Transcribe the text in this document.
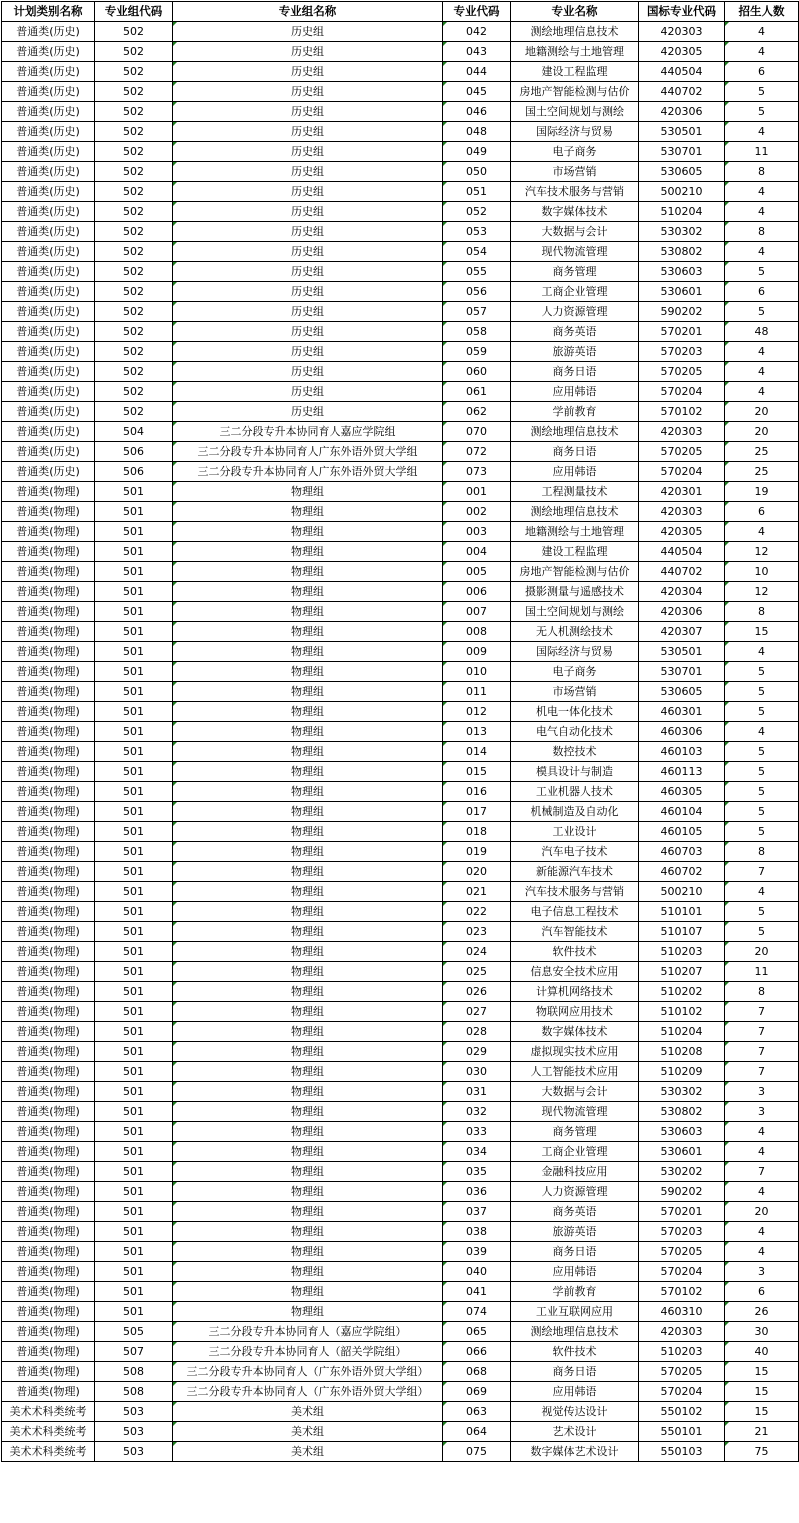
计划类别名称	专业组代码	专业组名称	专业代码	专业名称	国标专业代码	招生人数
普通类(历史)	502	历史组	042	测绘地理信息技术	420303	4
普通类(历史)	502	历史组	043	地籍测绘与土地管理	420305	4
普通类(历史)	502	历史组	044	建设工程监理	440504	6
普通类(历史)	502	历史组	045	房地产智能检测与估价	440702	5
普通类(历史)	502	历史组	046	国土空间规划与测绘	420306	5
普通类(历史)	502	历史组	048	国际经济与贸易	530501	4
普通类(历史)	502	历史组	049	电子商务	530701	11
普通类(历史)	502	历史组	050	市场营销	530605	8
普通类(历史)	502	历史组	051	汽车技术服务与营销	500210	4
普通类(历史)	502	历史组	052	数字媒体技术	510204	4
普通类(历史)	502	历史组	053	大数据与会计	530302	8
普通类(历史)	502	历史组	054	现代物流管理	530802	4
普通类(历史)	502	历史组	055	商务管理	530603	5
普通类(历史)	502	历史组	056	工商企业管理	530601	6
普通类(历史)	502	历史组	057	人力资源管理	590202	5
普通类(历史)	502	历史组	058	商务英语	570201	48
普通类(历史)	502	历史组	059	旅游英语	570203	4
普通类(历史)	502	历史组	060	商务日语	570205	4
普通类(历史)	502	历史组	061	应用韩语	570204	4
普通类(历史)	502	历史组	062	学前教育	570102	20
普通类(历史)	504	三二分段专升本协同育人嘉应学院组	070	测绘地理信息技术	420303	20
普通类(历史)	506	三二分段专升本协同育人广东外语外贸大学组	072	商务日语	570205	25
普通类(历史)	506	三二分段专升本协同育人广东外语外贸大学组	073	应用韩语	570204	25
普通类(物理)	501	物理组	001	工程测量技术	420301	19
普通类(物理)	501	物理组	002	测绘地理信息技术	420303	6
普通类(物理)	501	物理组	003	地籍测绘与土地管理	420305	4
普通类(物理)	501	物理组	004	建设工程监理	440504	12
普通类(物理)	501	物理组	005	房地产智能检测与估价	440702	10
普通类(物理)	501	物理组	006	摄影测量与遥感技术	420304	12
普通类(物理)	501	物理组	007	国土空间规划与测绘	420306	8
普通类(物理)	501	物理组	008	无人机测绘技术	420307	15
普通类(物理)	501	物理组	009	国际经济与贸易	530501	4
普通类(物理)	501	物理组	010	电子商务	530701	5
普通类(物理)	501	物理组	011	市场营销	530605	5
普通类(物理)	501	物理组	012	机电一体化技术	460301	5
普通类(物理)	501	物理组	013	电气自动化技术	460306	4
普通类(物理)	501	物理组	014	数控技术	460103	5
普通类(物理)	501	物理组	015	模具设计与制造	460113	5
普通类(物理)	501	物理组	016	工业机器人技术	460305	5
普通类(物理)	501	物理组	017	机械制造及自动化	460104	5
普通类(物理)	501	物理组	018	工业设计	460105	5
普通类(物理)	501	物理组	019	汽车电子技术	460703	8
普通类(物理)	501	物理组	020	新能源汽车技术	460702	7
普通类(物理)	501	物理组	021	汽车技术服务与营销	500210	4
普通类(物理)	501	物理组	022	电子信息工程技术	510101	5
普通类(物理)	501	物理组	023	汽车智能技术	510107	5
普通类(物理)	501	物理组	024	软件技术	510203	20
普通类(物理)	501	物理组	025	信息安全技术应用	510207	11
普通类(物理)	501	物理组	026	计算机网络技术	510202	8
普通类(物理)	501	物理组	027	物联网应用技术	510102	7
普通类(物理)	501	物理组	028	数字媒体技术	510204	7
普通类(物理)	501	物理组	029	虚拟现实技术应用	510208	7
普通类(物理)	501	物理组	030	人工智能技术应用	510209	7
普通类(物理)	501	物理组	031	大数据与会计	530302	3
普通类(物理)	501	物理组	032	现代物流管理	530802	3
普通类(物理)	501	物理组	033	商务管理	530603	4
普通类(物理)	501	物理组	034	工商企业管理	530601	4
普通类(物理)	501	物理组	035	金融科技应用	530202	7
普通类(物理)	501	物理组	036	人力资源管理	590202	4
普通类(物理)	501	物理组	037	商务英语	570201	20
普通类(物理)	501	物理组	038	旅游英语	570203	4
普通类(物理)	501	物理组	039	商务日语	570205	4
普通类(物理)	501	物理组	040	应用韩语	570204	3
普通类(物理)	501	物理组	041	学前教育	570102	6
普通类(物理)	501	物理组	074	工业互联网应用	460310	26
普通类(物理)	505	三二分段专升本协同育人（嘉应学院组）	065	测绘地理信息技术	420303	30
普通类(物理)	507	三二分段专升本协同育人（韶关学院组）	066	软件技术	510203	40
普通类(物理)	508	三二分段专升本协同育人（广东外语外贸大学组）	068	商务日语	570205	15
普通类(物理)	508	三二分段专升本协同育人（广东外语外贸大学组）	069	应用韩语	570204	15
美术术科类统考	503	美术组	063	视觉传达设计	550102	15
美术术科类统考	503	美术组	064	艺术设计	550101	21
美术术科类统考	503	美术组	075	数字媒体艺术设计	550103	75
